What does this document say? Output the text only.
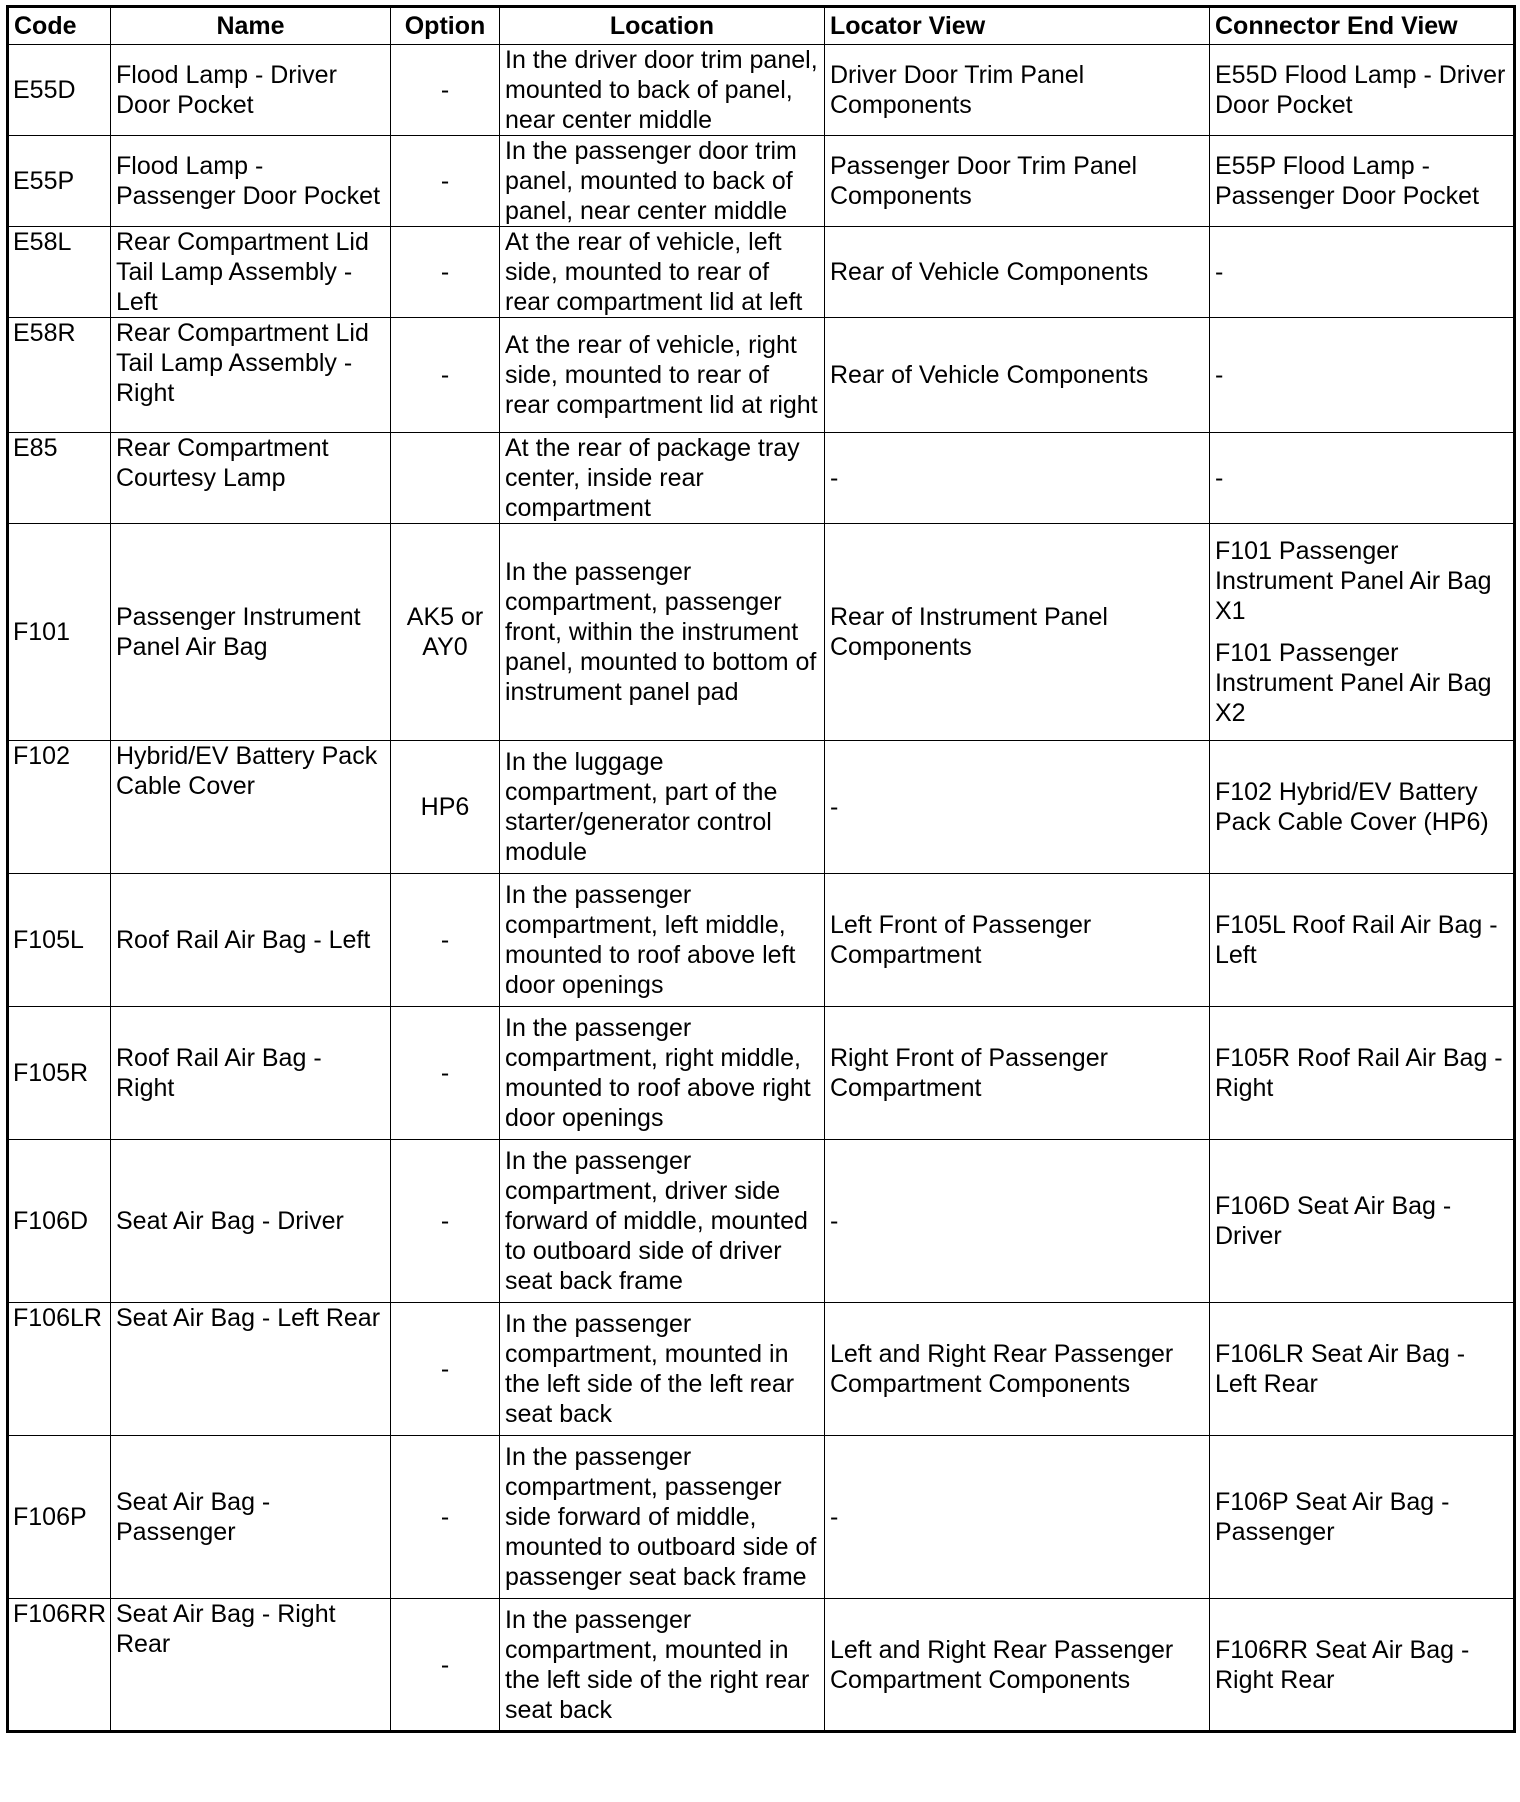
Code	Name	Option	Location	Locator View	Connector End View
E55D	Flood Lamp - Driver Door Pocket	-	In the driver door trim panel, mounted to back of panel, near center middle	Driver Door Trim Panel Components	E55D Flood Lamp - Driver Door Pocket

E55P	Flood Lamp - Passenger Door Pocket	-	In the passenger door trim panel, mounted to back of panel, near center middle	Passenger Door Trim Panel Components	E55P Flood Lamp - Passenger Door Pocket

E58L	Rear Compartment Lid Tail Lamp Assembly - Left	-	At the rear of vehicle, left side, mounted to rear of rear compartment lid at left	Rear of Vehicle Components	-

E58R	Rear Compartment Lid Tail Lamp Assembly - Right	-	At the rear of vehicle, right side, mounted to rear of rear compartment lid at right	Rear of Vehicle Components	-

E85	Rear Compartment Courtesy Lamp		At the rear of package tray center, inside rear compartment	-	-

F101	Passenger Instrument Panel Air Bag	AK5 or AY0	In the passenger compartment, passenger front, within the instrument panel, mounted to bottom of instrument panel pad	Rear of Instrument Panel Components	F101 Passenger Instrument Panel Air Bag X1
F101 Passenger Instrument Panel Air Bag X2

F102	Hybrid/EV Battery Pack Cable Cover	HP6	In the luggage compartment, part of the starter/generator control module	-	F102 Hybrid/EV Battery Pack Cable Cover (HP6)

F105L	Roof Rail Air Bag - Left	-	In the passenger compartment, left middle, mounted to roof above left door openings	Left Front of Passenger Compartment	F105L Roof Rail Air Bag - Left

F105R	Roof Rail Air Bag - Right	-	In the passenger compartment, right middle, mounted to roof above right door openings	Right Front of Passenger Compartment	F105R Roof Rail Air Bag - Right

F106D	Seat Air Bag - Driver	-	In the passenger compartment, driver side forward of middle, mounted to outboard side of driver seat back frame	-	F106D Seat Air Bag - Driver

F106LR	Seat Air Bag - Left Rear	-	In the passenger compartment, mounted in the left side of the left rear seat back	Left and Right Rear Passenger Compartment Components	F106LR Seat Air Bag - Left Rear

F106P	Seat Air Bag - Passenger	-	In the passenger compartment, passenger side forward of middle, mounted to outboard side of passenger seat back frame	-	F106P Seat Air Bag - Passenger

F106RR	Seat Air Bag - Right Rear	-	In the passenger compartment, mounted in the left side of the right rear seat back	Left and Right Rear Passenger Compartment Components	F106RR Seat Air Bag - Right Rear
